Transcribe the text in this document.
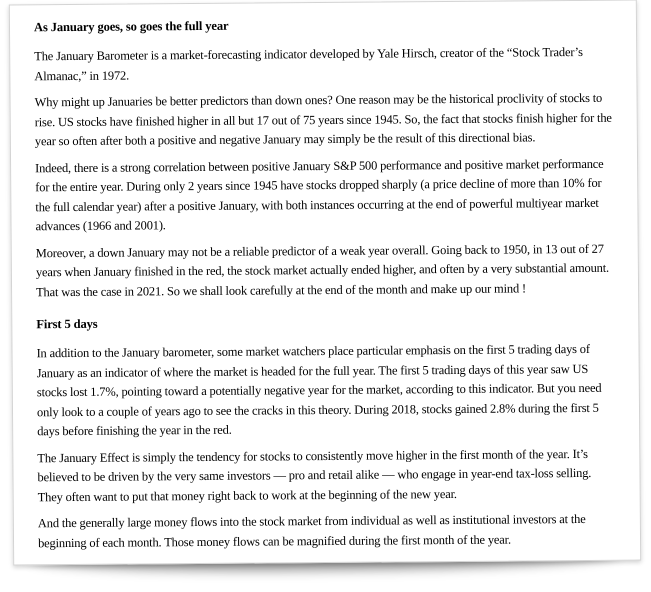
As January goes, so goes the full year

The January Barometer is a market-forecasting indicator developed by Yale Hirsch, creator of the “Stock Trader’s Almanac,” in 1972.

Why might up Januaries be better predictors than down ones? One reason may be the historical proclivity of stocks to rise. US stocks have finished higher in all but 17 out of 75 years since 1945. So, the fact that stocks finish higher for the year so often after both a positive and negative January may simply be the result of this directional bias.

Indeed, there is a strong correlation between positive January S&P 500 performance and positive market performance for the entire year. During only 2 years since 1945 have stocks dropped sharply (a price decline of more than 10% for the full calendar year) after a positive January, with both instances occurring at the end of powerful multiyear market advances (1966 and 2001).

Moreover, a down January may not be a reliable predictor of a weak year overall. Going back to 1950, in 13 out of 27 years when January finished in the red, the stock market actually ended higher, and often by a very substantial amount. That was the case in 2021. So we shall look carefully at the end of the month and make up our mind !

First 5 days

In addition to the January barometer, some market watchers place particular emphasis on the first 5 trading days of January as an indicator of where the market is headed for the full year. The first 5 trading days of this year saw US stocks lost 1.7%, pointing toward a potentially negative year for the market, according to this indicator. But you need only look to a couple of years ago to see the cracks in this theory. During 2018, stocks gained 2.8% during the first 5 days before finishing the year in the red.

The January Effect is simply the tendency for stocks to consistently move higher in the first month of the year. It’s believed to be driven by the very same investors — pro and retail alike — who engage in year-end tax-loss selling. They often want to put that money right back to work at the beginning of the new year.

And the generally large money flows into the stock market from individual as well as institutional investors at the beginning of each month. Those money flows can be magnified during the first month of the year.
